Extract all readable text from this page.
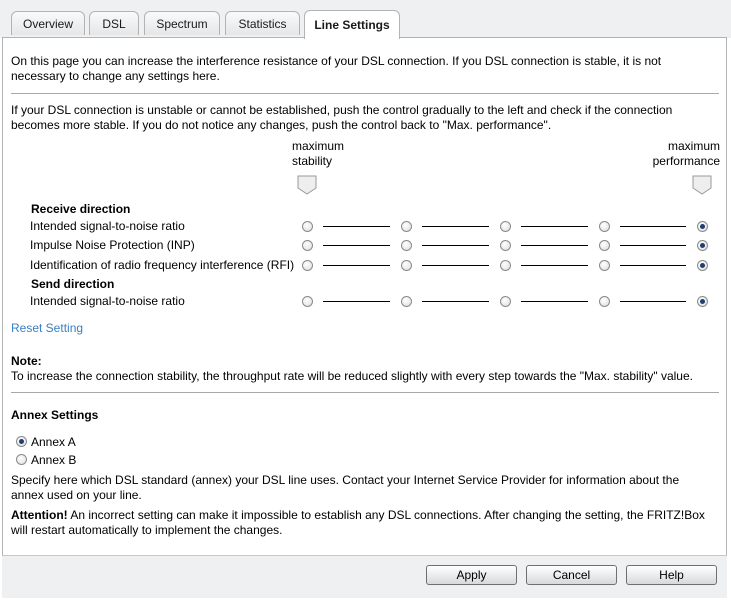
Overview DSL	Spectrum	Statistics Line Settings

On this page you can increase the interference resistance of your DSL connection. If you DSL connection is stable, it is not necessary to change any settings here.

If your DSL connection is unstable or cannot be established, push the control gradually to the left and check if the connection becomes more stable. If you do not notice any changes, push the control back to "Max. performance".

maximum
stability
maximum
performance
Receive direction
Intended signal-to-noise ratio
Impulse Noise Protection (INP)
Identification of radio frequency interference (RFI)
Send direction
Intended signal-to-noise ratio
Reset Setting
Note:

To increase the connection stability, the throughput rate will be reduced slightly with every step towards the "Max. stability" value.

Annex Settings
Annex A
Annex B

Specify here which DSL standard (annex) your DSL line uses. Contact your Internet Service Provider for information about the annex used on your line.

Attention! An incorrect setting can make it impossible to establish any DSL connections. After changing the setting, the FRITZ!Box will restart automatically to implement the changes.

Apply	Cancel	Help
